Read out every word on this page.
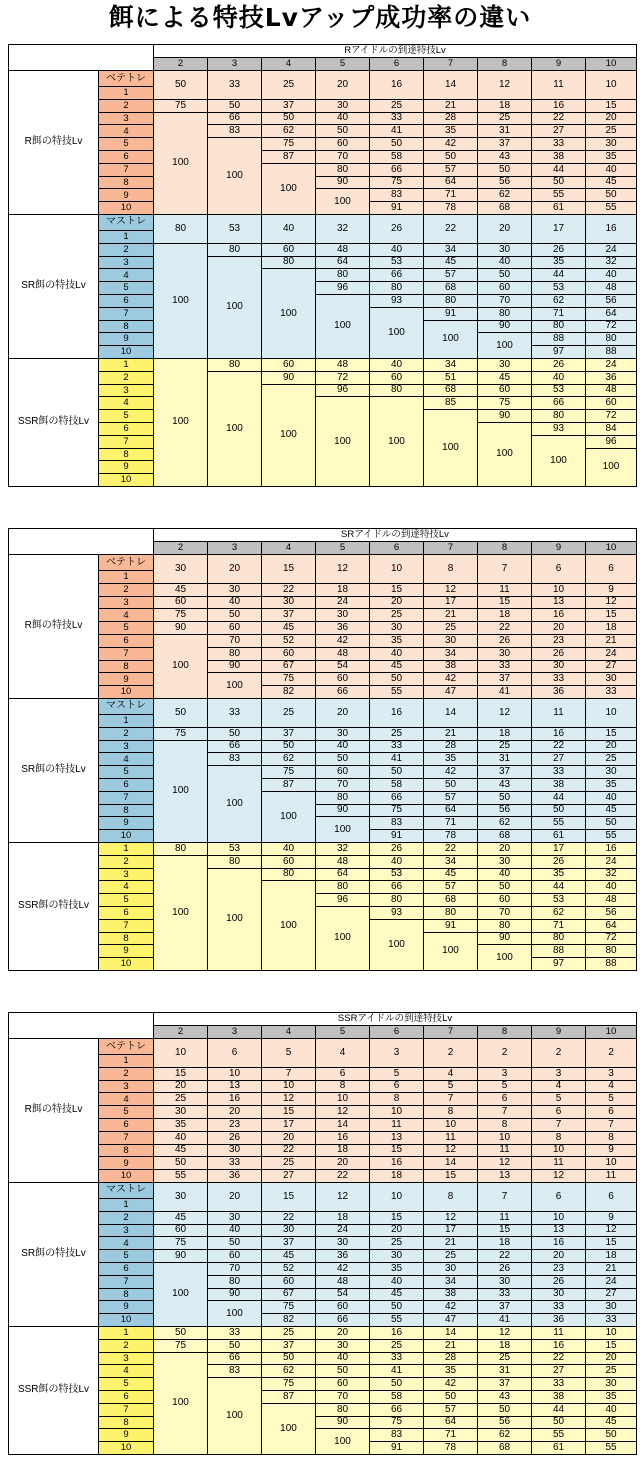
餌による特技Lvアップ成功率の違い
		Rアイドルの到達特技Lv								
		2	3	4	5	6	7	8	9	10
R餌の特技Lv	ベテトレ	50	33	25	20	16	14	12	11	10
	1									
	2	75	50	37	30	25	21	18	16	15
	3	100	66	50	40	33	28	25	22	20
	4		83	62	50	41	35	31	27	25
	5		100	75	60	50	42	37	33	30
	6			87	70	58	50	43	38	35
	7			100	80	66	57	50	44	40
	8				90	75	64	56	50	45
	9				100	83	71	62	55	50
	10					91	78	68	61	55
SR餌の特技Lv	マストレ	80	53	40	32	26	22	20	17	16
	1									
	2	100	80	60	48	40	34	30	26	24
	3		100	80	64	53	45	40	35	32
	4			100	80	66	57	50	44	40
	5				96	80	68	60	53	48
	6				100	93	80	70	62	56
	7					100	91	80	71	64
	8						100	90	80	72
	9							100	88	80
	10								97	88
SSR餌の特技Lv	1	100	80	60	48	40	34	30	26	24
	2		100	90	72	60	51	45	40	36
	3			100	96	80	68	60	53	48
	4				100	100	85	75	66	60
	5						100	90	80	72
	6							100	93	84
	7								100	96
	8									100
	9									
	10									
		SRアイドルの到達特技Lv								
		2	3	4	5	6	7	8	9	10
R餌の特技Lv	ベテトレ	30	20	15	12	10	8	7	6	6
	1									
	2	45	30	22	18	15	12	11	10	9
	3	60	40	30	24	20	17	15	13	12
	4	75	50	37	30	25	21	18	16	15
	5	90	60	45	36	30	25	22	20	18
	6	100	70	52	42	35	30	26	23	21
	7		80	60	48	40	34	30	26	24
	8		90	67	54	45	38	33	30	27
	9		100	75	60	50	42	37	33	30
	10			82	66	55	47	41	36	33
SR餌の特技Lv	マストレ	50	33	25	20	16	14	12	11	10
	1									
	2	75	50	37	30	25	21	18	16	15
	3	100	66	50	40	33	28	25	22	20
	4		83	62	50	41	35	31	27	25
	5		100	75	60	50	42	37	33	30
	6			87	70	58	50	43	38	35
	7			100	80	66	57	50	44	40
	8				90	75	64	56	50	45
	9				100	83	71	62	55	50
	10					91	78	68	61	55
SSR餌の特技Lv	1	80	53	40	32	26	22	20	17	16
	2	100	80	60	48	40	34	30	26	24
	3		100	80	64	53	45	40	35	32
	4			100	80	66	57	50	44	40
	5				96	80	68	60	53	48
	6				100	93	80	70	62	56
	7					100	91	80	71	64
	8						100	90	80	72
	9							100	88	80
	10								97	88
		SSRアイドルの到達特技Lv								
		2	3	4	5	6	7	8	9	10
R餌の特技Lv	ベテトレ	10	6	5	4	3	2	2	2	2
	1									
	2	15	10	7	6	5	4	3	3	3
	3	20	13	10	8	6	5	5	4	4
	4	25	16	12	10	8	7	6	5	5
	5	30	20	15	12	10	8	7	6	6
	6	35	23	17	14	11	10	8	7	7
	7	40	26	20	16	13	11	10	8	8
	8	45	30	22	18	15	12	11	10	9
	9	50	33	25	20	16	14	12	11	10
	10	55	36	27	22	18	15	13	12	11
SR餌の特技Lv	マストレ	30	20	15	12	10	8	7	6	6
	1									
	2	45	30	22	18	15	12	11	10	9
	3	60	40	30	24	20	17	15	13	12
	4	75	50	37	30	25	21	18	16	15
	5	90	60	45	36	30	25	22	20	18
	6	100	70	52	42	35	30	26	23	21
	7		80	60	48	40	34	30	26	24
	8		90	67	54	45	38	33	30	27
	9		100	75	60	50	42	37	33	30
	10			82	66	55	47	41	36	33
SSR餌の特技Lv	1	50	33	25	20	16	14	12	11	10
	2	75	50	37	30	25	21	18	16	15
	3	100	66	50	40	33	28	25	22	20
	4		83	62	50	41	35	31	27	25
	5		100	75	60	50	42	37	33	30
	6			87	70	58	50	43	38	35
	7			100	80	66	57	50	44	40
	8				90	75	64	56	50	45
	9				100	83	71	62	55	50
	10					91	78	68	61	55
